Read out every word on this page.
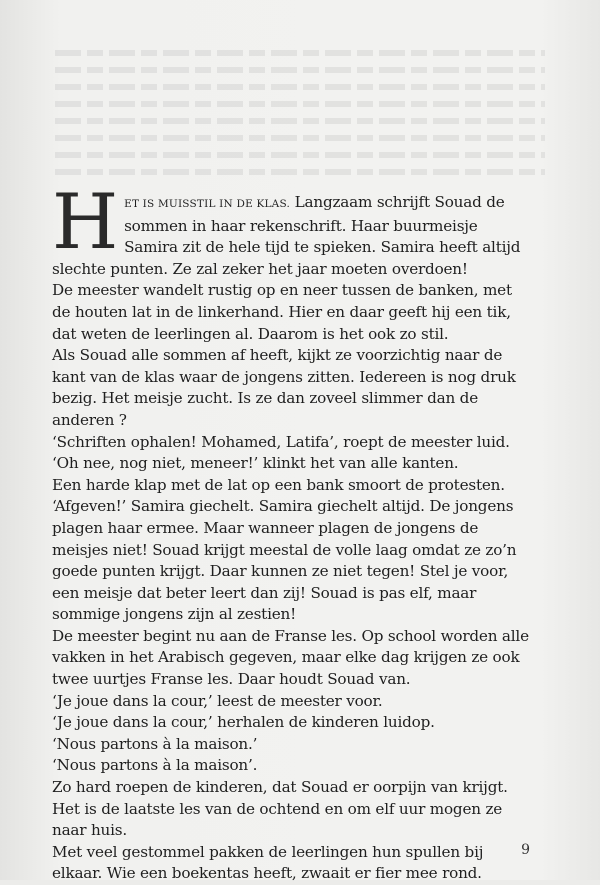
HET IS MUISSTIL IN DE KLAS. Langzaam schrijft Souad de sommen in haar rekenschrift. Haar buurmeisje Samira zit de hele tijd te spieken. Samira heeft altijd slechte punten. Ze zal zeker het jaar moeten overdoen!

De meester wandelt rustig op en neer tussen de banken, met de houten lat in de linkerhand. Hier en daar geeft hij een tik, dat weten de leerlingen al. Daarom is het ook zo stil.

Als Souad alle sommen af heeft, kijkt ze voorzichtig naar de kant van de klas waar de jongens zitten. Iedereen is nog druk bezig. Het meisje zucht. Is ze dan zoveel slimmer dan de anderen ?

‘Schriften ophalen! Mohamed, Latifa’, roept de meester luid.

‘Oh nee, nog niet, meneer!’ klinkt het van alle kanten.

Een harde klap met de lat op een bank smoort de protesten. ‘Afgeven!’ Samira giechelt. Samira giechelt altijd. De jongens plagen haar ermee. Maar wanneer plagen de jongens de meisjes niet! Souad krijgt meestal de volle laag omdat ze zo’n goede punten krijgt. Daar kunnen ze niet tegen! Stel je voor, een meisje dat beter leert dan zij! Souad is pas elf, maar sommige jongens zijn al zestien!

De meester begint nu aan de Franse les. Op school worden alle vakken in het Arabisch gegeven, maar elke dag krijgen ze ook twee uurtjes Franse les. Daar houdt Souad van.

‘Je joue dans la cour,’ leest de meester voor.

‘Je joue dans la cour,’ herhalen de kinderen luidop.

‘Nous partons à la maison.’

‘Nous partons à la maison’.

Zo hard roepen de kinderen, dat Souad er oorpijn van krijgt.

Het is de laatste les van de ochtend en om elf uur mogen ze naar huis.

Met veel gestommel pakken de leerlingen hun spullen bij elkaar. Wie een boekentas heeft, zwaait er fier mee rond.

9
